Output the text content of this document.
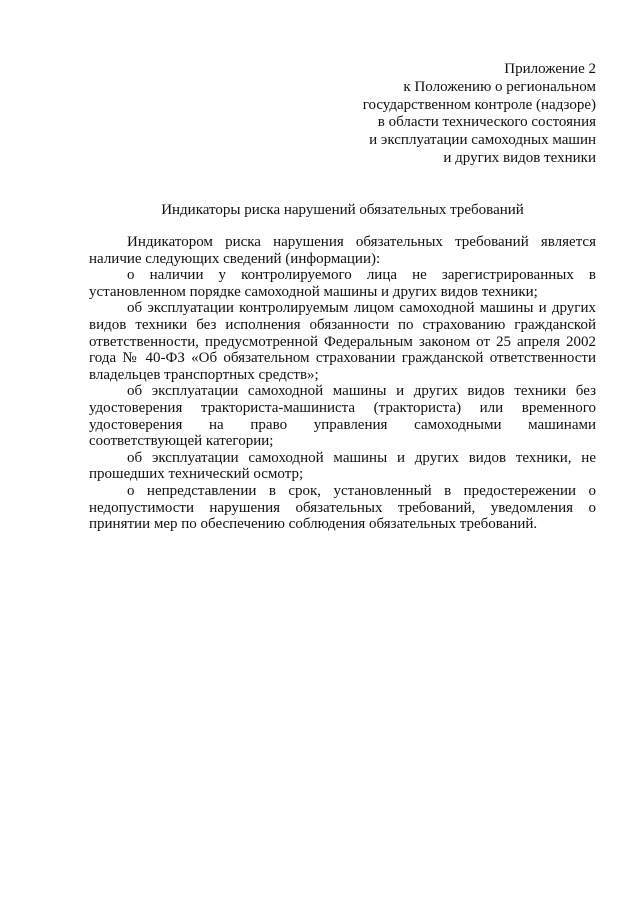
Приложение 2
к Положению о региональном
государственном контроле (надзоре)
в области технического состояния
и эксплуатации самоходных машин
и других видов техники
Индикаторы риска нарушений обязательных требований

Индикатором риска нарушения обязательных требований является наличие следующих сведений (информации):

о наличии у контролируемого лица не зарегистрированных в установленном порядке самоходной машины и других видов техники;

об эксплуатации контролируемым лицом самоходной машины и других видов техники без исполнения обязанности по страхованию гражданской ответственности, предусмотренной Федеральным законом от 25 апреля 2002 года № 40-ФЗ «Об обязательном страховании гражданской ответственности владельцев транспортных средств»;

об эксплуатации самоходной машины и других видов техники без удостоверения тракториста-машиниста (тракториста) или временного удостоверения на право управления самоходными машинами соответствующей категории;

об эксплуатации самоходной машины и других видов техники, не прошедших технический осмотр;

о непредставлении в срок, установленный в предостережении о недопустимости нарушения обязательных требований, уведомления о принятии мер по обеспечению соблюдения обязательных требований.
